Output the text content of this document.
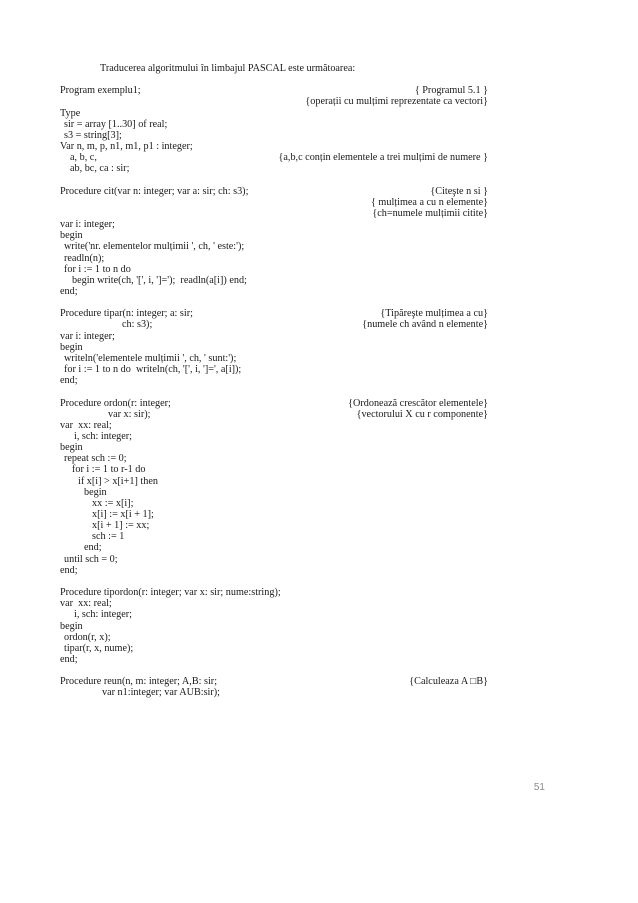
Traducerea algoritmului în limbajul PASCAL este următoarea:
Program exemplu1;	{ Programul 5.1 }
{operații cu mulțimi reprezentate ca vectori}
Type
sir = array [1..30] of real;
s3 = string[3];
Var n, m, p, n1, m1, p1 : integer;
a, b, c,	{a,b,c conțin elementele a trei mulțimi de numere }
ab, bc, ca : sir;
Procedure cit(var n: integer; var a: sir; ch: s3);	{Citeşte n si }
{ mulțimea a cu n elemente}
{ch=numele mulțimii citite}
var i: integer;
begin
write('nr. elementelor mulțimii ', ch, ' este:');
readln(n);
for i := 1 to n do
begin write(ch, '[', i, ']=');  readln(a[i]) end;
end;
Procedure tipar(n: integer; a: sir;	{Tipăreşte mulțimea a cu}
ch: s3);	{numele ch având n elemente}
var i: integer;
begin
writeln('elementele mulțimii ', ch, ' sunt:');
for i := 1 to n do  writeln(ch, '[', i, ']=', a[i]);
end;
Procedure ordon(r: integer;	{Ordonează crescător elementele}
var x: sir);	{vectorului X cu r componente}
var  xx: real;
i, sch: integer;
begin
repeat sch := 0;
for i := 1 to r-1 do
if x[i] > x[i+1] then
begin
xx := x[i];
x[i] := x[i + 1];
x[i + 1] := xx;
sch := 1
end;
until sch = 0;
end;
Procedure tipordon(r: integer; var x: sir; nume:string);
var  xx: real;
i, sch: integer;
begin
ordon(r, x);
tipar(r, x, nume);
end;
Procedure reun(n, m: integer; A,B: sir;	{Calculeaza A □B}
var n1:integer; var AUB:sir);
51
